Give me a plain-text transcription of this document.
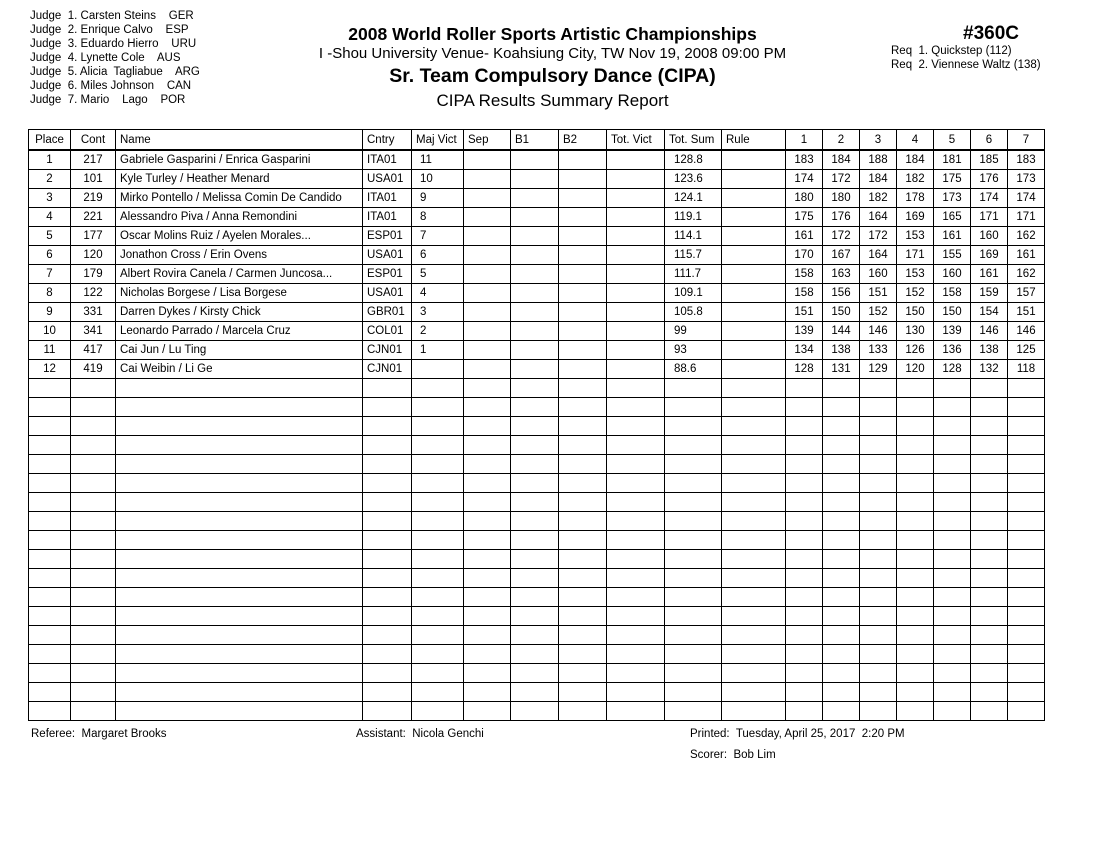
Judge  1. Carsten Steins GER
Judge  2. Enrique Calvo ESP
Judge  3. Eduardo Hierro URU
Judge  4. Lynette Cole AUS
Judge  5. Alicia  Tagliabue ARG
Judge  6. Miles Johnson CAN
Judge  7. Mario    Lago POR
2008 World Roller Sports Artistic Championships
I -Shou University Venue- Koahsiung City, TW Nov 19, 2008 09:00 PM
Sr. Team Compulsory Dance (CIPA)
CIPA Results Summary Report
#360C
Req  1. Quickstep (112)
Req  2. Viennese Waltz (138)
Place	Cont	Name	Cntry	Maj Vict	Sep	B1	B2	Tot. Vict	Tot. Sum	Rule	1	2	3	4	5	6	7
1	217	Gabriele Gasparini / Enrica Gasparini	ITA01	11					128.8		183	184	188	184	181	185	183
2	101	Kyle Turley / Heather Menard	USA01	10					123.6		174	172	184	182	175	176	173
3	219	Mirko Pontello / Melissa Comin De Candido	ITA01	9					124.1		180	180	182	178	173	174	174
4	221	Alessandro Piva / Anna Remondini	ITA01	8					119.1		175	176	164	169	165	171	171
5	177	Oscar Molins Ruiz / Ayelen Morales...	ESP01	7					114.1		161	172	172	153	161	160	162
6	120	Jonathon Cross / Erin Ovens	USA01	6					115.7		170	167	164	171	155	169	161
7	179	Albert Rovira Canela / Carmen Juncosa...	ESP01	5					111.7		158	163	160	153	160	161	162
8	122	Nicholas Borgese / Lisa Borgese	USA01	4					109.1		158	156	151	152	158	159	157
9	331	Darren Dykes / Kirsty Chick	GBR01	3					105.8		151	150	152	150	150	154	151
10	341	Leonardo Parrado / Marcela Cruz	COL01	2					99		139	144	146	130	139	146	146
11	417	Cai Jun / Lu Ting	CJN01	1					93		134	138	133	126	136	138	125
12	419	Cai Weibin / Li Ge	CJN01						88.6		128	131	129	120	128	132	118

Referee:  Margaret Brooks	Assistant:  Nicola Genchi	Printed:  Tuesday, April 25, 2017  2:20 PM
Scorer:  Bob Lim
